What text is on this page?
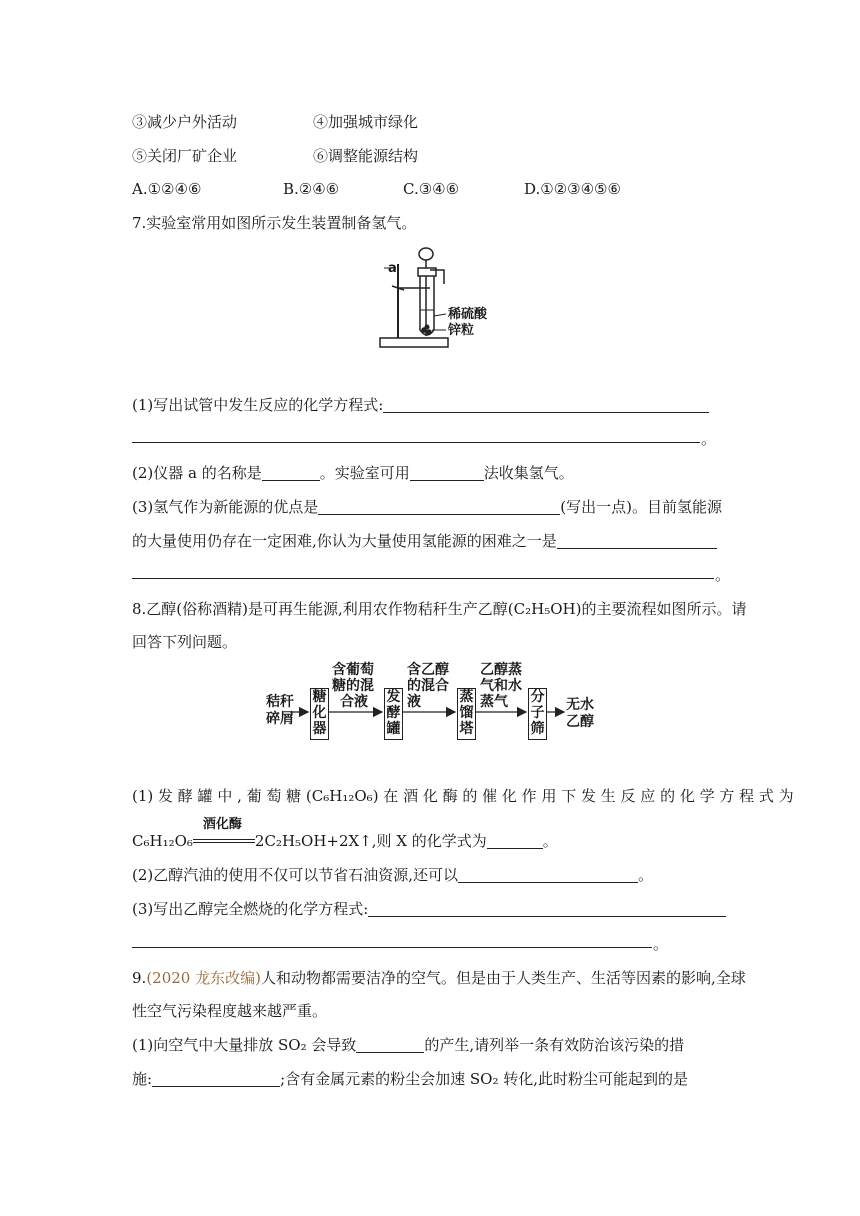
③减少户外活动	④加强城市绿化
⑤关闭厂矿企业	⑥调整能源结构
A.①②④⑥	B.②④⑥	C.③④⑥	D.①②③④⑤⑥
7.实验室常用如图所示发生装置制备氢气。
a
稀硫酸
锌粒
(1)写出试管中发生反应的化学方程式:
。
(2)仪器 a 的名称是	。实验室可用	法收集氢气。
(3)氢气作为新能源的优点是	(写出一点)。目前氢能源
的大量使用仍存在一定困难,你认为大量使用氢能源的困难之一是
。
8.乙醇(俗称酒精)是可再生能源,利用农作物秸秆生产乙醇(C₂H₅OH)的主要流程如图所示。请
回答下列问题。
秸秆
碎屑
糖
化
器
含葡萄
糖的混
合液	发
酵
罐
含乙醇
的混合
液	蒸
馏
塔
乙醇蒸
气和水
蒸气	分
子
筛
无水
乙醇
(1) 发 酵 罐 中 , 葡 萄 糖 (C₆H₁₂O₆) 在 酒 化 酶 的 催 化 作 用 下 发 生 反 应 的 化 学 方 程 式 为
C₆H₁₂O₆
酒化酶
2C₂H₅OH+2X↑,则 X 的化学式为	。
(2)乙醇汽油的使用不仅可以节省石油资源,还可以	。
(3)写出乙醇完全燃烧的化学方程式:
。
9.(2020 龙东改编)人和动物都需要洁净的空气。但是由于人类生产、生活等因素的影响,全球
性空气污染程度越来越严重。
(1)向空气中大量排放 SO₂ 会导致	的产生,请列举一条有效防治该污染的措
施:	;含有金属元素的粉尘会加速 SO₂ 转化,此时粉尘可能起到的是
